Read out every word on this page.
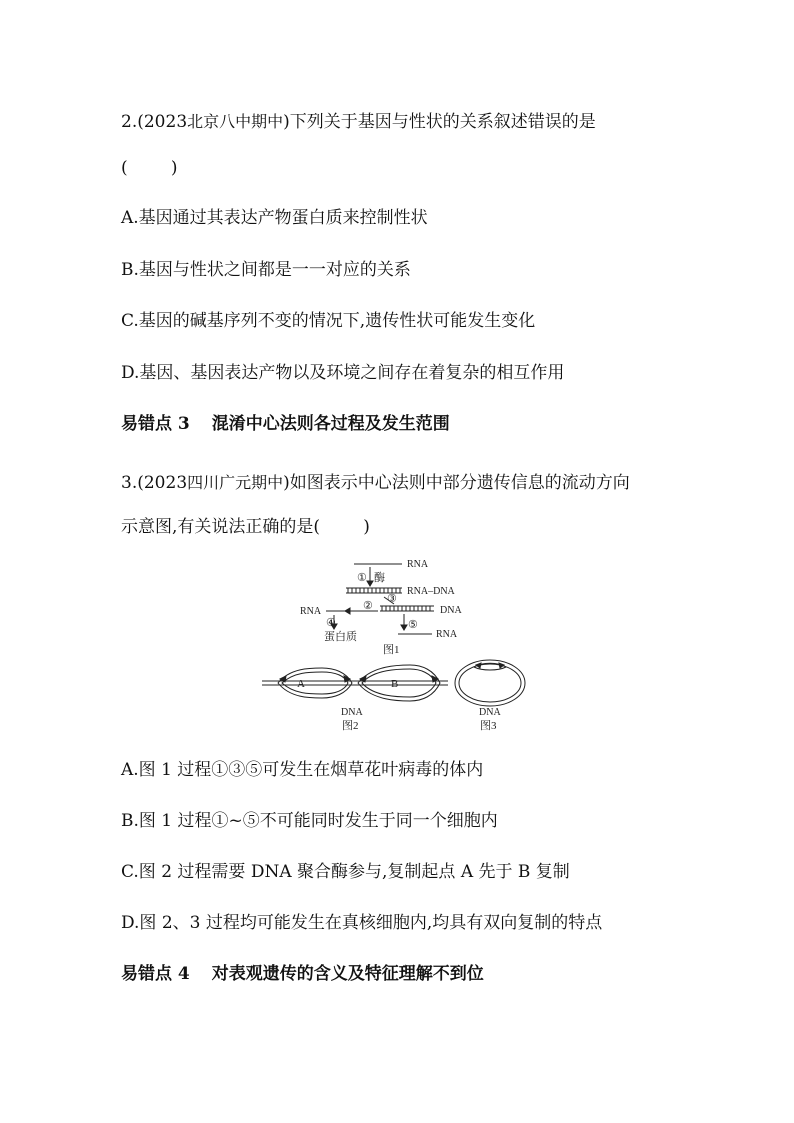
2.(2023北京八中期中)下列关于基因与性状的关系叙述错误的是
(        )
A.基因通过其表达产物蛋白质来控制性状
B.基因与性状之间都是一一对应的关系
C.基因的碱基序列不变的情况下,遗传性状可能发生变化
D.基因、基因表达产物以及环境之间存在着复杂的相互作用
易错点 3 混淆中心法则各过程及发生范围
3.(2023四川广元期中)如图表示中心法则中部分遗传信息的流动方向
示意图,有关说法正确的是(        )
RNA
① 酶
RNA–DNA
②
③
DNA
RNA
④
蛋白质
⑤
RNA
图1
A	B
DNA
图2
DNA
图3
A.图 1 过程①③⑤可发生在烟草花叶病毒的体内
B.图 1 过程①~⑤不可能同时发生于同一个细胞内
C.图 2 过程需要 DNA 聚合酶参与,复制起点 A 先于 B 复制
D.图 2、3 过程均可能发生在真核细胞内,均具有双向复制的特点
易错点 4 对表观遗传的含义及特征理解不到位
